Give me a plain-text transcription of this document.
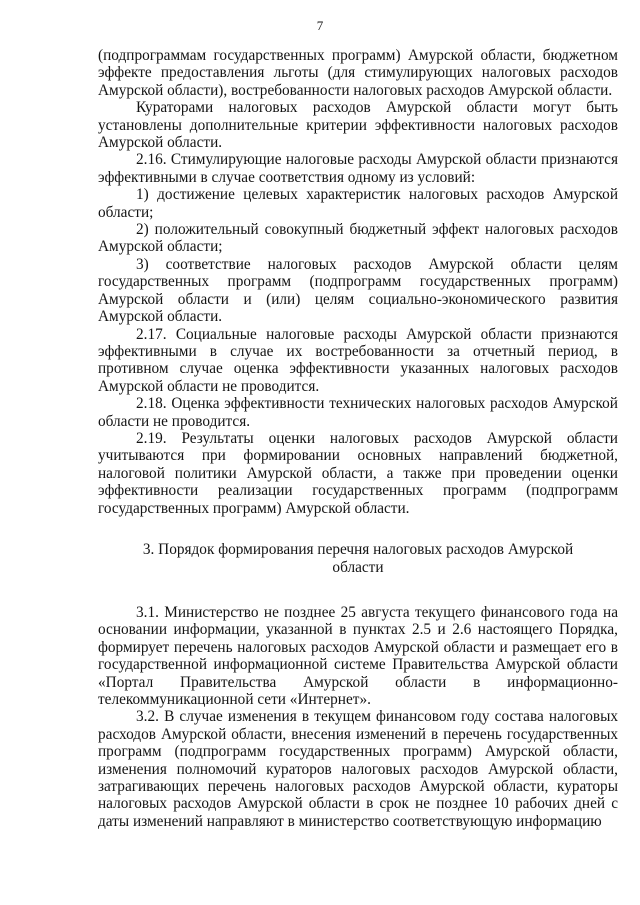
7

(подпрограммам государственных программ) Амурской области, бюджетном эффекте предоставления льготы (для стимулирующих налоговых расходов Амурской области), востребованности налоговых расходов Амурской области.

Кураторами налоговых расходов Амурской области могут быть установлены дополнительные критерии эффективности налоговых расходов Амурской области.

2.16. Стимулирующие налоговые расходы Амурской области признаются эффективными в случае соответствия одному из условий:

1) достижение целевых характеристик налоговых расходов Амурской области;

2) положительный совокупный бюджетный эффект налоговых расходов Амурской области;

3) соответствие налоговых расходов Амурской области целям государственных программ (подпрограмм государственных программ) Амурской области и (или) целям социально-экономического развития Амурской области.

2.17. Социальные налоговые расходы Амурской области признаются эффективными в случае их востребованности за отчетный период, в противном случае оценка эффективности указанных налоговых расходов Амурской области не проводится.

2.18. Оценка эффективности технических налоговых расходов Амурской области не проводится.

2.19. Результаты оценки налоговых расходов Амурской области учитываются при формировании основных направлений бюджетной, налоговой политики Амурской области, а также при проведении оценки эффективности реализации государственных программ (подпрограмм государственных программ) Амурской области.

3. Порядок формирования перечня налоговых расходов Амурской области

3.1. Министерство не позднее 25 августа текущего финансового года на основании информации, указанной в пунктах 2.5 и 2.6 настоящего Порядка, формирует перечень налоговых расходов Амурской области и размещает его в государственной информационной системе Правительства Амурской области «Портал Правительства Амурской области в информационно-телекоммуникационной сети «Интернет».

3.2. В случае изменения в текущем финансовом году состава налоговых расходов Амурской области, внесения изменений в перечень государственных программ (подпрограмм государственных программ) Амурской области, изменения полномочий кураторов налоговых расходов Амурской области, затрагивающих перечень налоговых расходов Амурской области, кураторы налоговых расходов Амурской области в срок не позднее 10 рабочих дней с даты изменений направляют в министерство соответствующую информацию
